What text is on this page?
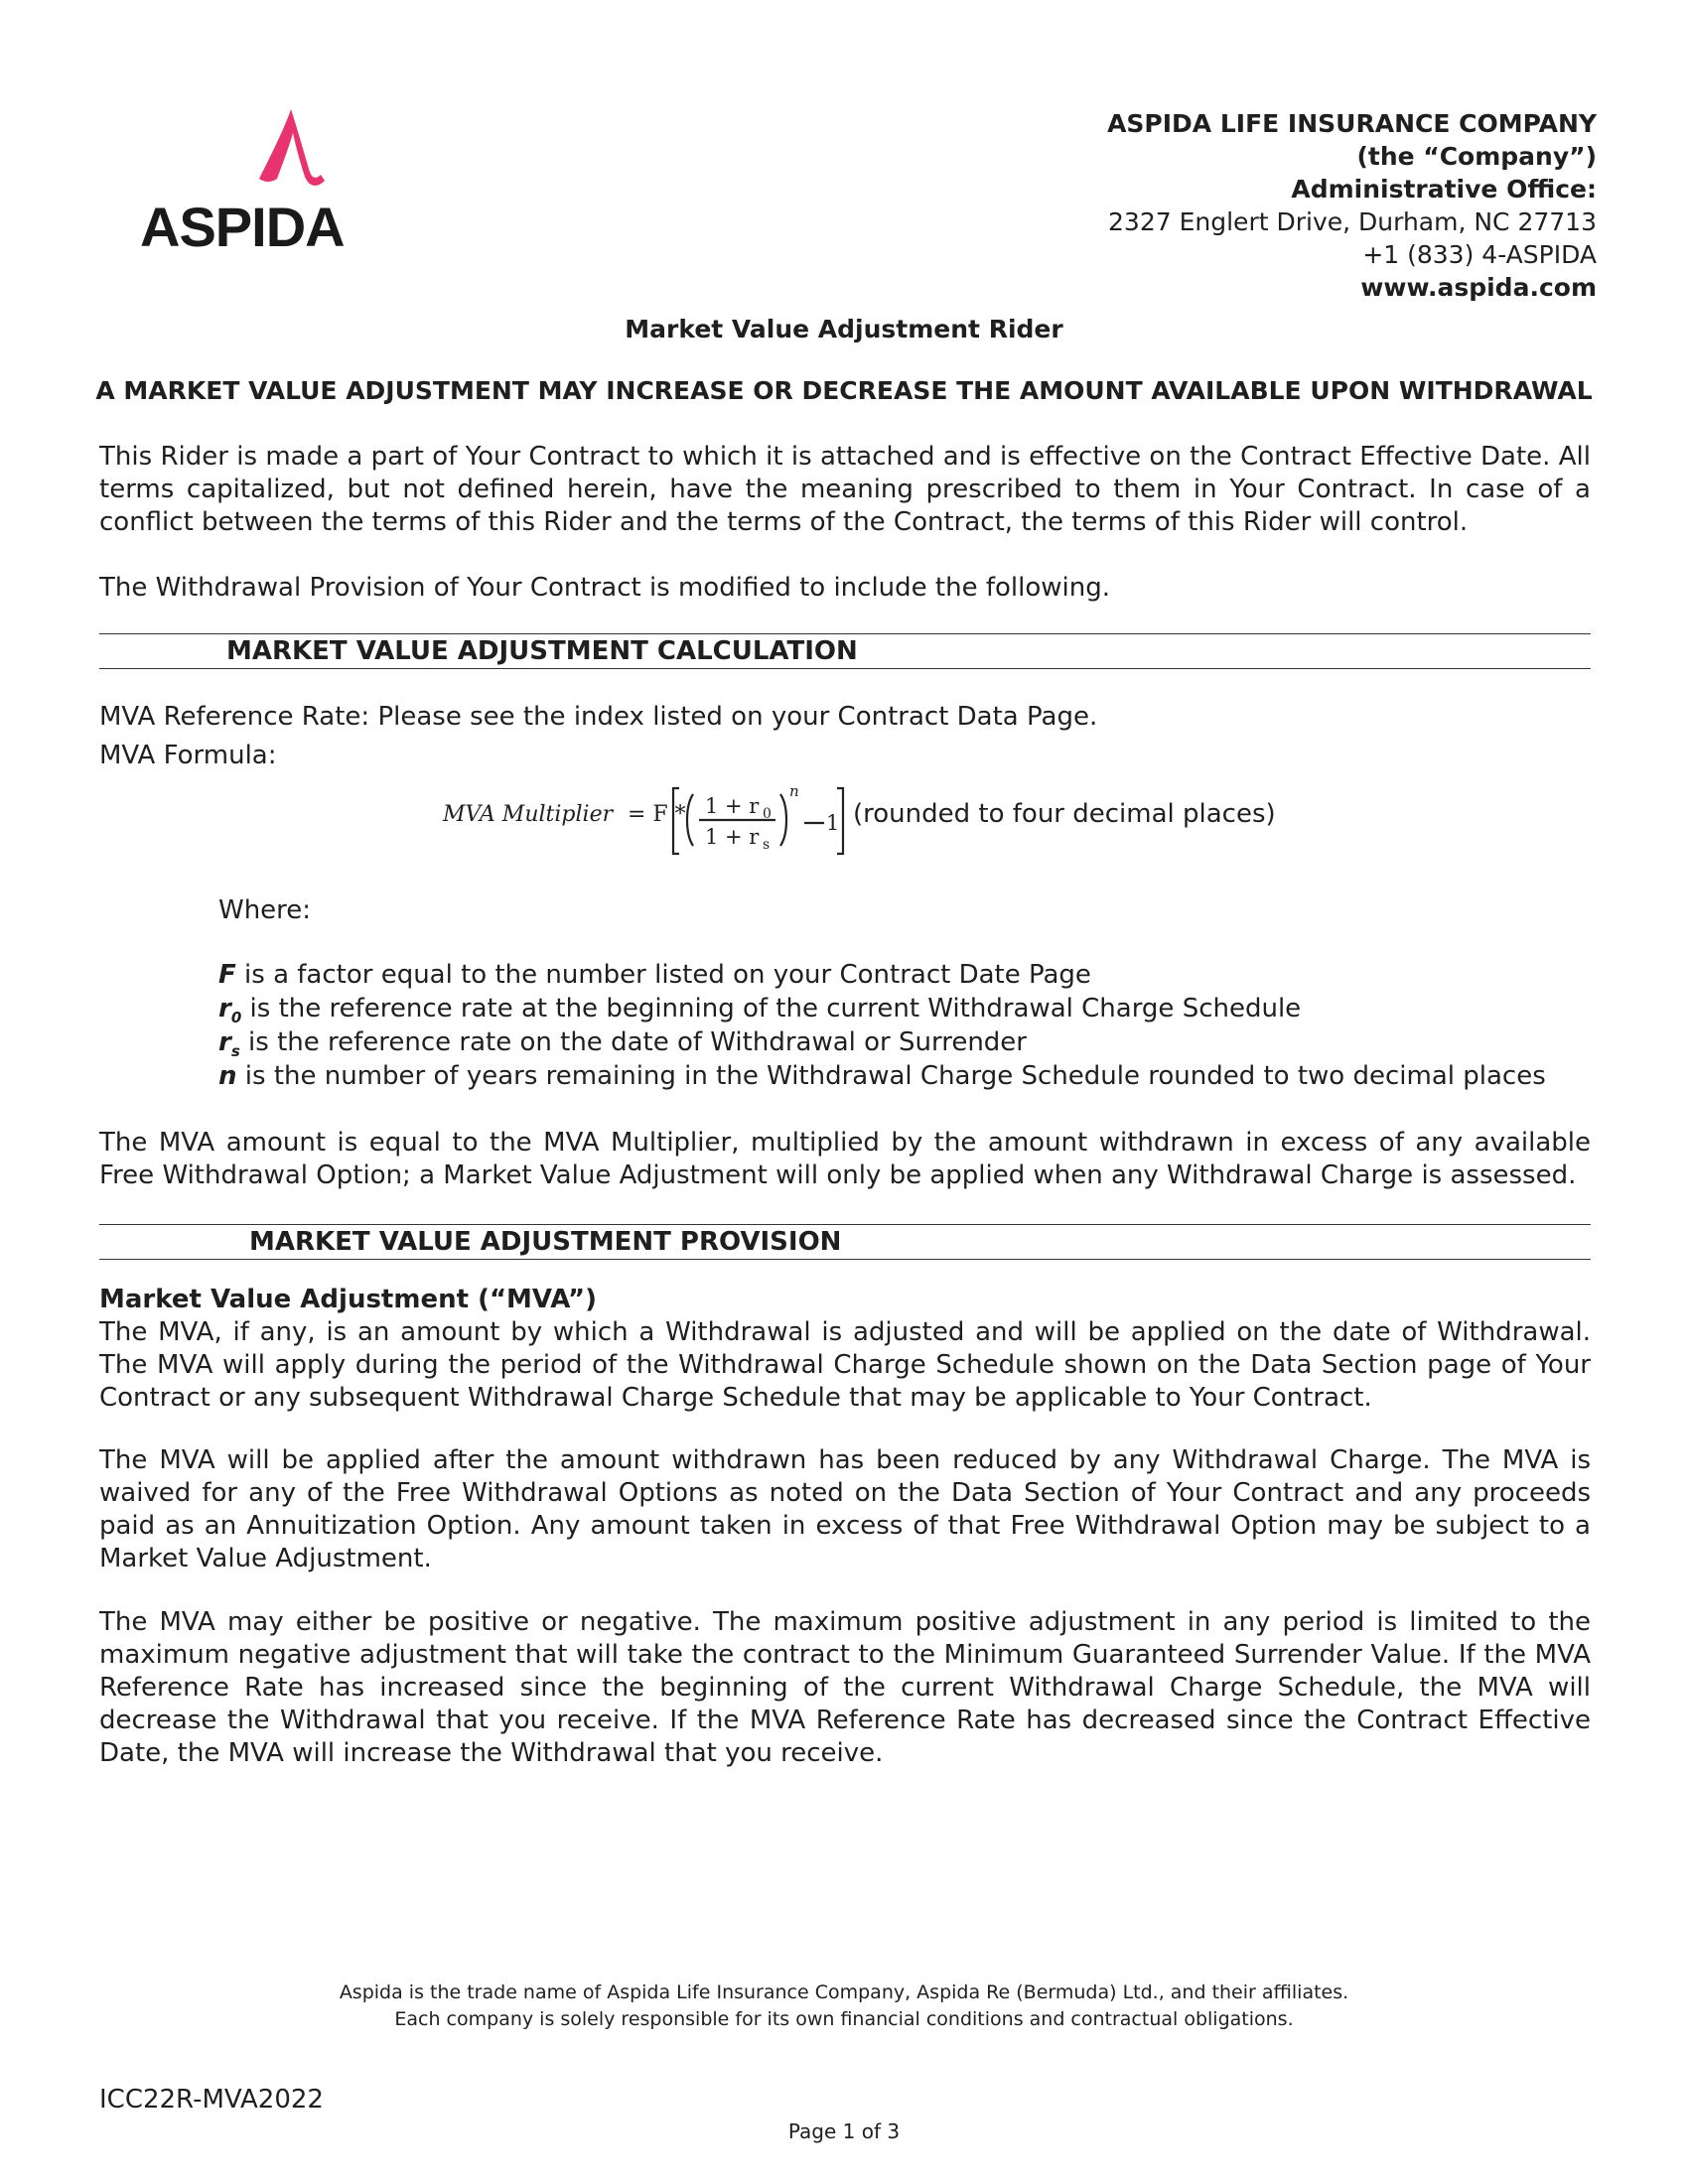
ASPIDA
ASPIDA LIFE INSURANCE COMPANY
(the “Company”)
Administrative Office:
2327 Englert Drive, Durham, NC 27713
+1 (833) 4-ASPIDA
www.aspida.com
Market Value Adjustment Rider
A MARKET VALUE ADJUSTMENT MAY INCREASE OR DECREASE THE AMOUNT AVAILABLE UPON WITHDRAWAL
This Rider is made a part of Your Contract to which it is attached and is effective on the Contract Effective Date. All terms capitalized, but not defined herein, have the meaning prescribed to them in Your Contract. In case of a conflict between the terms of this Rider and the terms of the Contract, the terms of this Rider will control.
The Withdrawal Provision of Your Contract is modified to include the following.
MARKET VALUE ADJUSTMENT CALCULATION
MVA Reference Rate: Please see the index listed on your Contract Data Page.
MVA Formula:
MVA Multiplier = F * 1 + r 0
1 + r s
n
1 (rounded to four decimal places)
Where:
F is a factor equal to the number listed on your Contract Date Page
$r_0$ is the reference rate at the beginning of the current Withdrawal Charge Schedule
$r_s$ is the reference rate on the date of Withdrawal or Surrender
n is the number of years remaining in the Withdrawal Charge Schedule rounded to two decimal places
The MVA amount is equal to the MVA Multiplier, multiplied by the amount withdrawn in excess of any available Free Withdrawal Option; a Market Value Adjustment will only be applied when any Withdrawal Charge is assessed.
MARKET VALUE ADJUSTMENT PROVISION
Market Value Adjustment (“MVA”)
The MVA, if any, is an amount by which a Withdrawal is adjusted and will be applied on the date of Withdrawal. The MVA will apply during the period of the Withdrawal Charge Schedule shown on the Data Section page of Your Contract or any subsequent Withdrawal Charge Schedule that may be applicable to Your Contract.
The MVA will be applied after the amount withdrawn has been reduced by any Withdrawal Charge. The MVA is waived for any of the Free Withdrawal Options as noted on the Data Section of Your Contract and any proceeds paid as an Annuitization Option. Any amount taken in excess of that Free Withdrawal Option may be subject to a Market Value Adjustment.
The MVA may either be positive or negative. The maximum positive adjustment in any period is limited to the maximum negative adjustment that will take the contract to the Minimum Guaranteed Surrender Value. If the MVA Reference Rate has increased since the beginning of the current Withdrawal Charge Schedule, the MVA will decrease the Withdrawal that you receive. If the MVA Reference Rate has decreased since the Contract Effective Date, the MVA will increase the Withdrawal that you receive.
Aspida is the trade name of Aspida Life Insurance Company, Aspida Re (Bermuda) Ltd., and their affiliates.
Each company is solely responsible for its own financial conditions and contractual obligations.
ICC22R-MVA2022
Page 1 of 3
